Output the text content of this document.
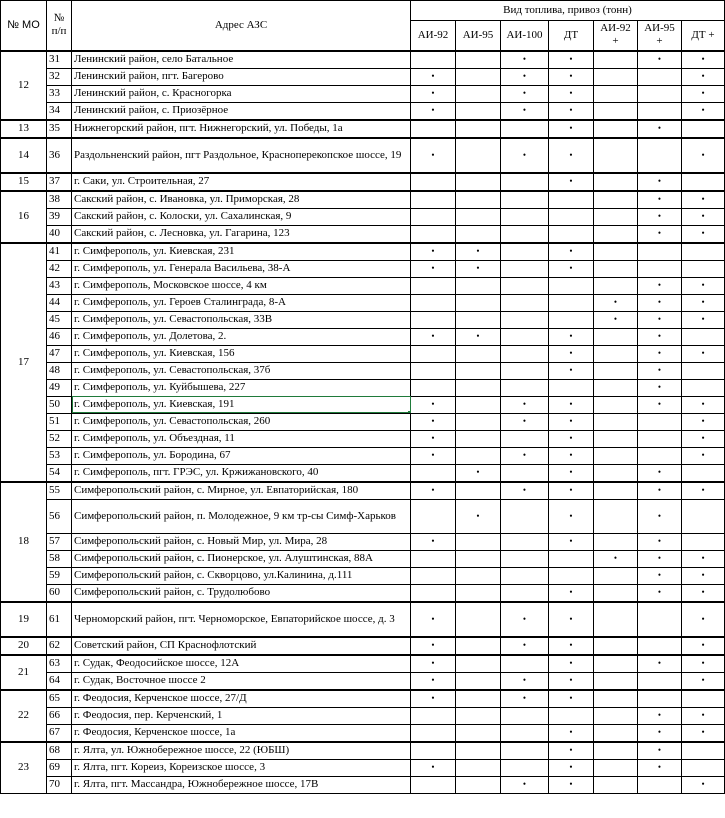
№ МО	№
п/п	Адрес АЗС	Вид топлива, привоз (тонн)						
			АИ-92	АИ-95	АИ-100	ДТ	АИ-92 +	АИ-95 +	ДТ +
12	31	Ленинский район, село Батальное			•	•		•	•
	32	Ленинский район, пгт. Багерово	•		•	•			•
	33	Ленинский район, с. Красногорка	•		•	•			•
	34	Ленинский район, с. Приозёрное	•		•	•			•
13	35	Нижнегорский район, пгт. Нижнегорский, ул. Победы, 1а				•		•	
14	36	Раздольненский район, пгт Раздольное, Красноперекопское шоссе, 19	•		•	•			•
15	37	г. Саки, ул. Строительная, 27				•		•	
16	38	Сакский район, с. Ивановка, ул. Приморская, 28						•	•
	39	Сакский район, с. Колоски, ул. Сахалинская, 9						•	•
	40	Сакский район, с. Лесновка, ул. Гагарина, 123						•	•
17	41	г. Симферополь, ул. Киевская, 231	•	•		•			
	42	г. Симферополь, ул. Генерала Васильева, 38-А	•	•		•			
	43	г. Симферополь, Московское шоссе, 4 км						•	•
	44	г. Симферополь, ул. Героев Сталинграда, 8-А					•	•	•
	45	г. Симферополь, ул. Севастопольская, 33В					•	•	•
	46	г. Симферополь, ул. Долетова, 2.	•	•		•		•	
	47	г. Симферополь, ул. Киевская, 156				•		•	•
	48	г. Симферополь, ул. Севастопольская, 37б				•		•	
	49	г. Симферополь, ул. Куйбышева, 227						•	
	50	г. Симферополь, ул. Киевская, 191	•		•	•		•	•
	51	г. Симферополь, ул. Севастопольская, 260	•		•	•			•
	52	г. Симферополь, ул. Объездная, 11	•			•			•
	53	г. Симферополь, ул. Бородина, 67	•		•	•			•
	54	г. Симферополь, пгт. ГРЭС, ул. Кржижановского, 40		•		•		•	
18	55	Симферопольский район, с. Мирное, ул. Евпаторийская, 180	•		•	•		•	•
	56	Симферопольский район, п. Молодежное, 9 км тр-сы Симф-Харьков		•		•		•	
	57	Симферопольский район, с. Новый Мир, ул. Мира, 28	•			•		•	
	58	Симферопольский район, с. Пионерское, ул. Алуштинская, 88А					•	•	•
	59	Симферопольский район, с. Скворцово, ул.Калинина, д.111						•	•
	60	Симферопольский район, с. Трудолюбово				•		•	•
19	61	Черноморский район, пгт. Черноморское, Евпаторийское шоссе, д. 3	•		•	•			•
20	62	Советский район, СП Краснофлотский	•		•	•			•
21	63	г. Судак, Феодосийское шоссе, 12А	•			•		•	•
	64	г. Судак, Восточное шоссе 2	•		•	•			•
22	65	г. Феодосия, Керченское шоссе, 27/Д	•		•	•			
	66	г. Феодосия, пер. Керченский, 1						•	•
	67	г. Феодосия, Керченское шоссе, 1а				•		•	•
23	68	г. Ялта, ул. Южнобережное шоссе, 22 (ЮБШ)				•		•	
	69	г. Ялта, пгт. Кореиз, Кореизское шоссе, 3	•			•		•	
	70	г. Ялта, пгт. Массандра, Южнобережное шоссе, 17В			•	•			•
